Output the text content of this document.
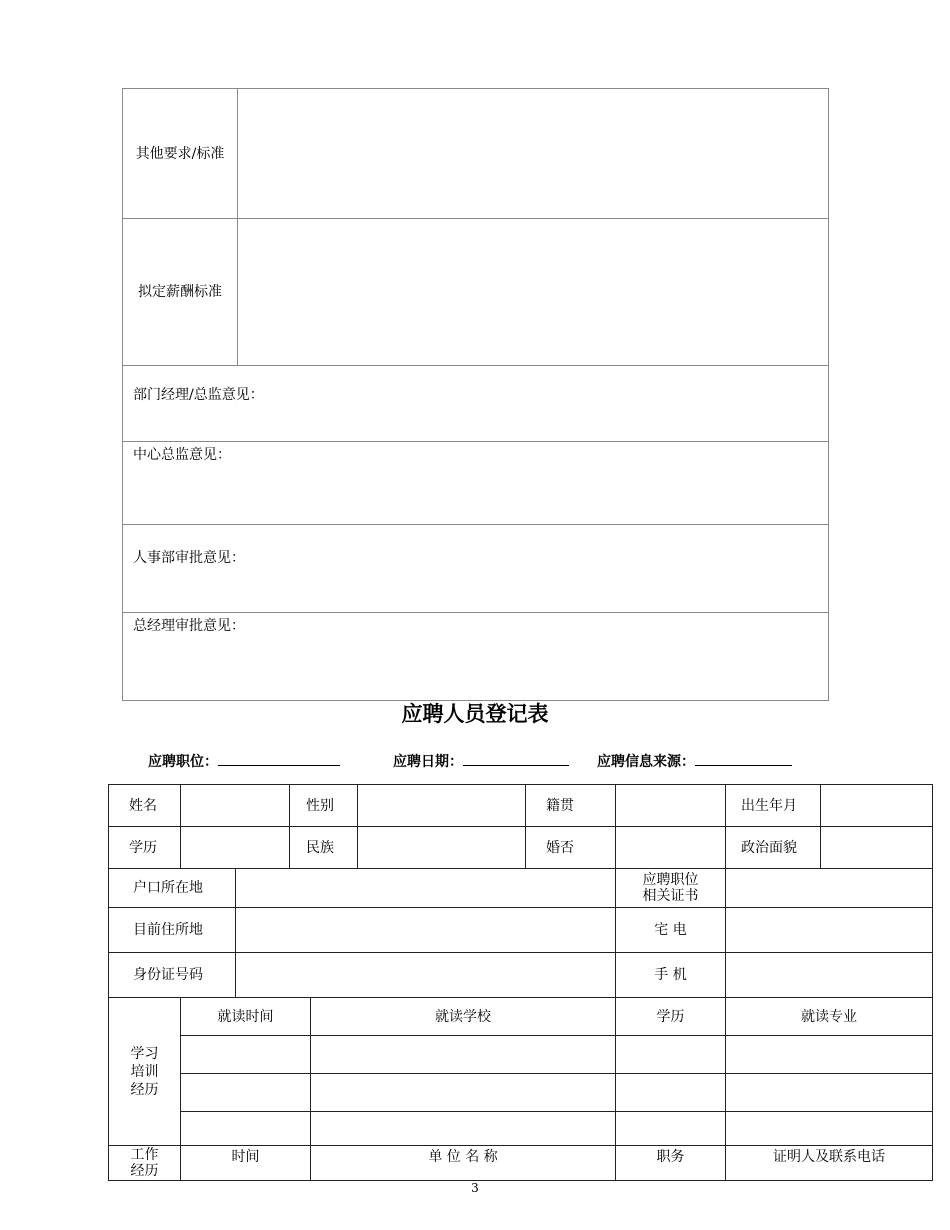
其他要求/标准	
拟定薪酬标准	
部门经理/总监意见：	
中心总监意见：	
人事部审批意见：	
总经理审批意见：	
应聘人员登记表
应聘职位：	应聘日期：	应聘信息来源：
姓名			性别			籍贯		出生年月	
学历			民族			婚否		政治面貌	
户口所在地							应聘职位
相关证书		

目前住所地							宅 电		
身份证号码							手 机		

学习
培训
经历	就读时间			就读学校			学历	就读专业	

工作
经历	时间			单 位 名 称			职务	证明人及联系电话	
3
